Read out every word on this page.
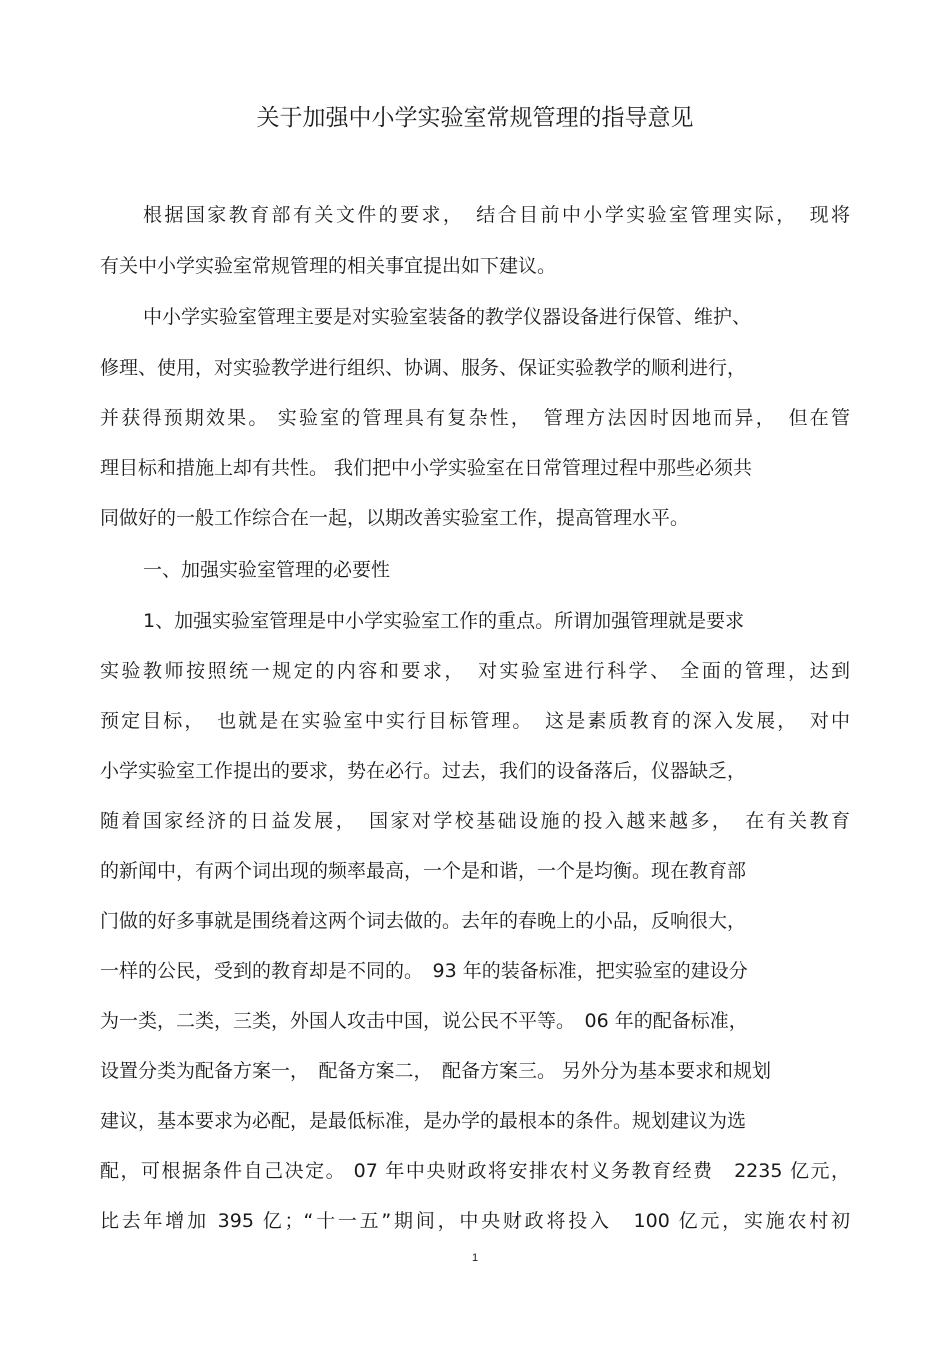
关于加强中小学实验室常规管理的指导意见
根据国家教育部有关文件的要求，　结合目前中小学实验室管理实际，　现将
有关中小学实验室常规管理的相关事宜提出如下建议。
中小学实验室管理主要是对实验室装备的教学仪器设备进行保管、维护、
修理、使用，对实验教学进行组织、协调、服务、保证实验教学的顺利进行，
并获得预期效果。 实验室的管理具有复杂性，　管理方法因时因地而异，　但在管
理目标和措施上却有共性。 我们把中小学实验室在日常管理过程中那些必须共
同做好的一般工作综合在一起，以期改善实验室工作，提高管理水平。
一、加强实验室管理的必要性
1、加强实验室管理是中小学实验室工作的重点。所谓加强管理就是要求
实验教师按照统一规定的内容和要求，　对实验室进行科学、 全面的管理，达到
预定目标，　也就是在实验室中实行目标管理。　这是素质教育的深入发展，　对中
小学实验室工作提出的要求，势在必行。过去，我们的设备落后，仪器缺乏，
随着国家经济的日益发展，　国家对学校基础设施的投入越来越多，　在有关教育
的新闻中，有两个词出现的频率最高，一个是和谐，一个是均衡。现在教育部
门做的好多事就是围绕着这两个词去做的。去年的春晚上的小品，反响很大，
一样的公民，受到的教育却是不同的。　93 年的装备标准，把实验室的建设分
为一类，二类，三类，外国人攻击中国，说公民不平等。　06 年的配备标准，
设置分类为配备方案一，　配备方案二，　配备方案三。 另外分为基本要求和规划
建议，基本要求为必配，是最低标准，是办学的最根本的条件。规划建议为选
配，可根据条件自己决定。 07 年中央财政将安排农村义务教育经费　2235 亿元，
比去年增加 395 亿；“十一五”期间，中央财政将投入　100 亿元，实施农村初
1
